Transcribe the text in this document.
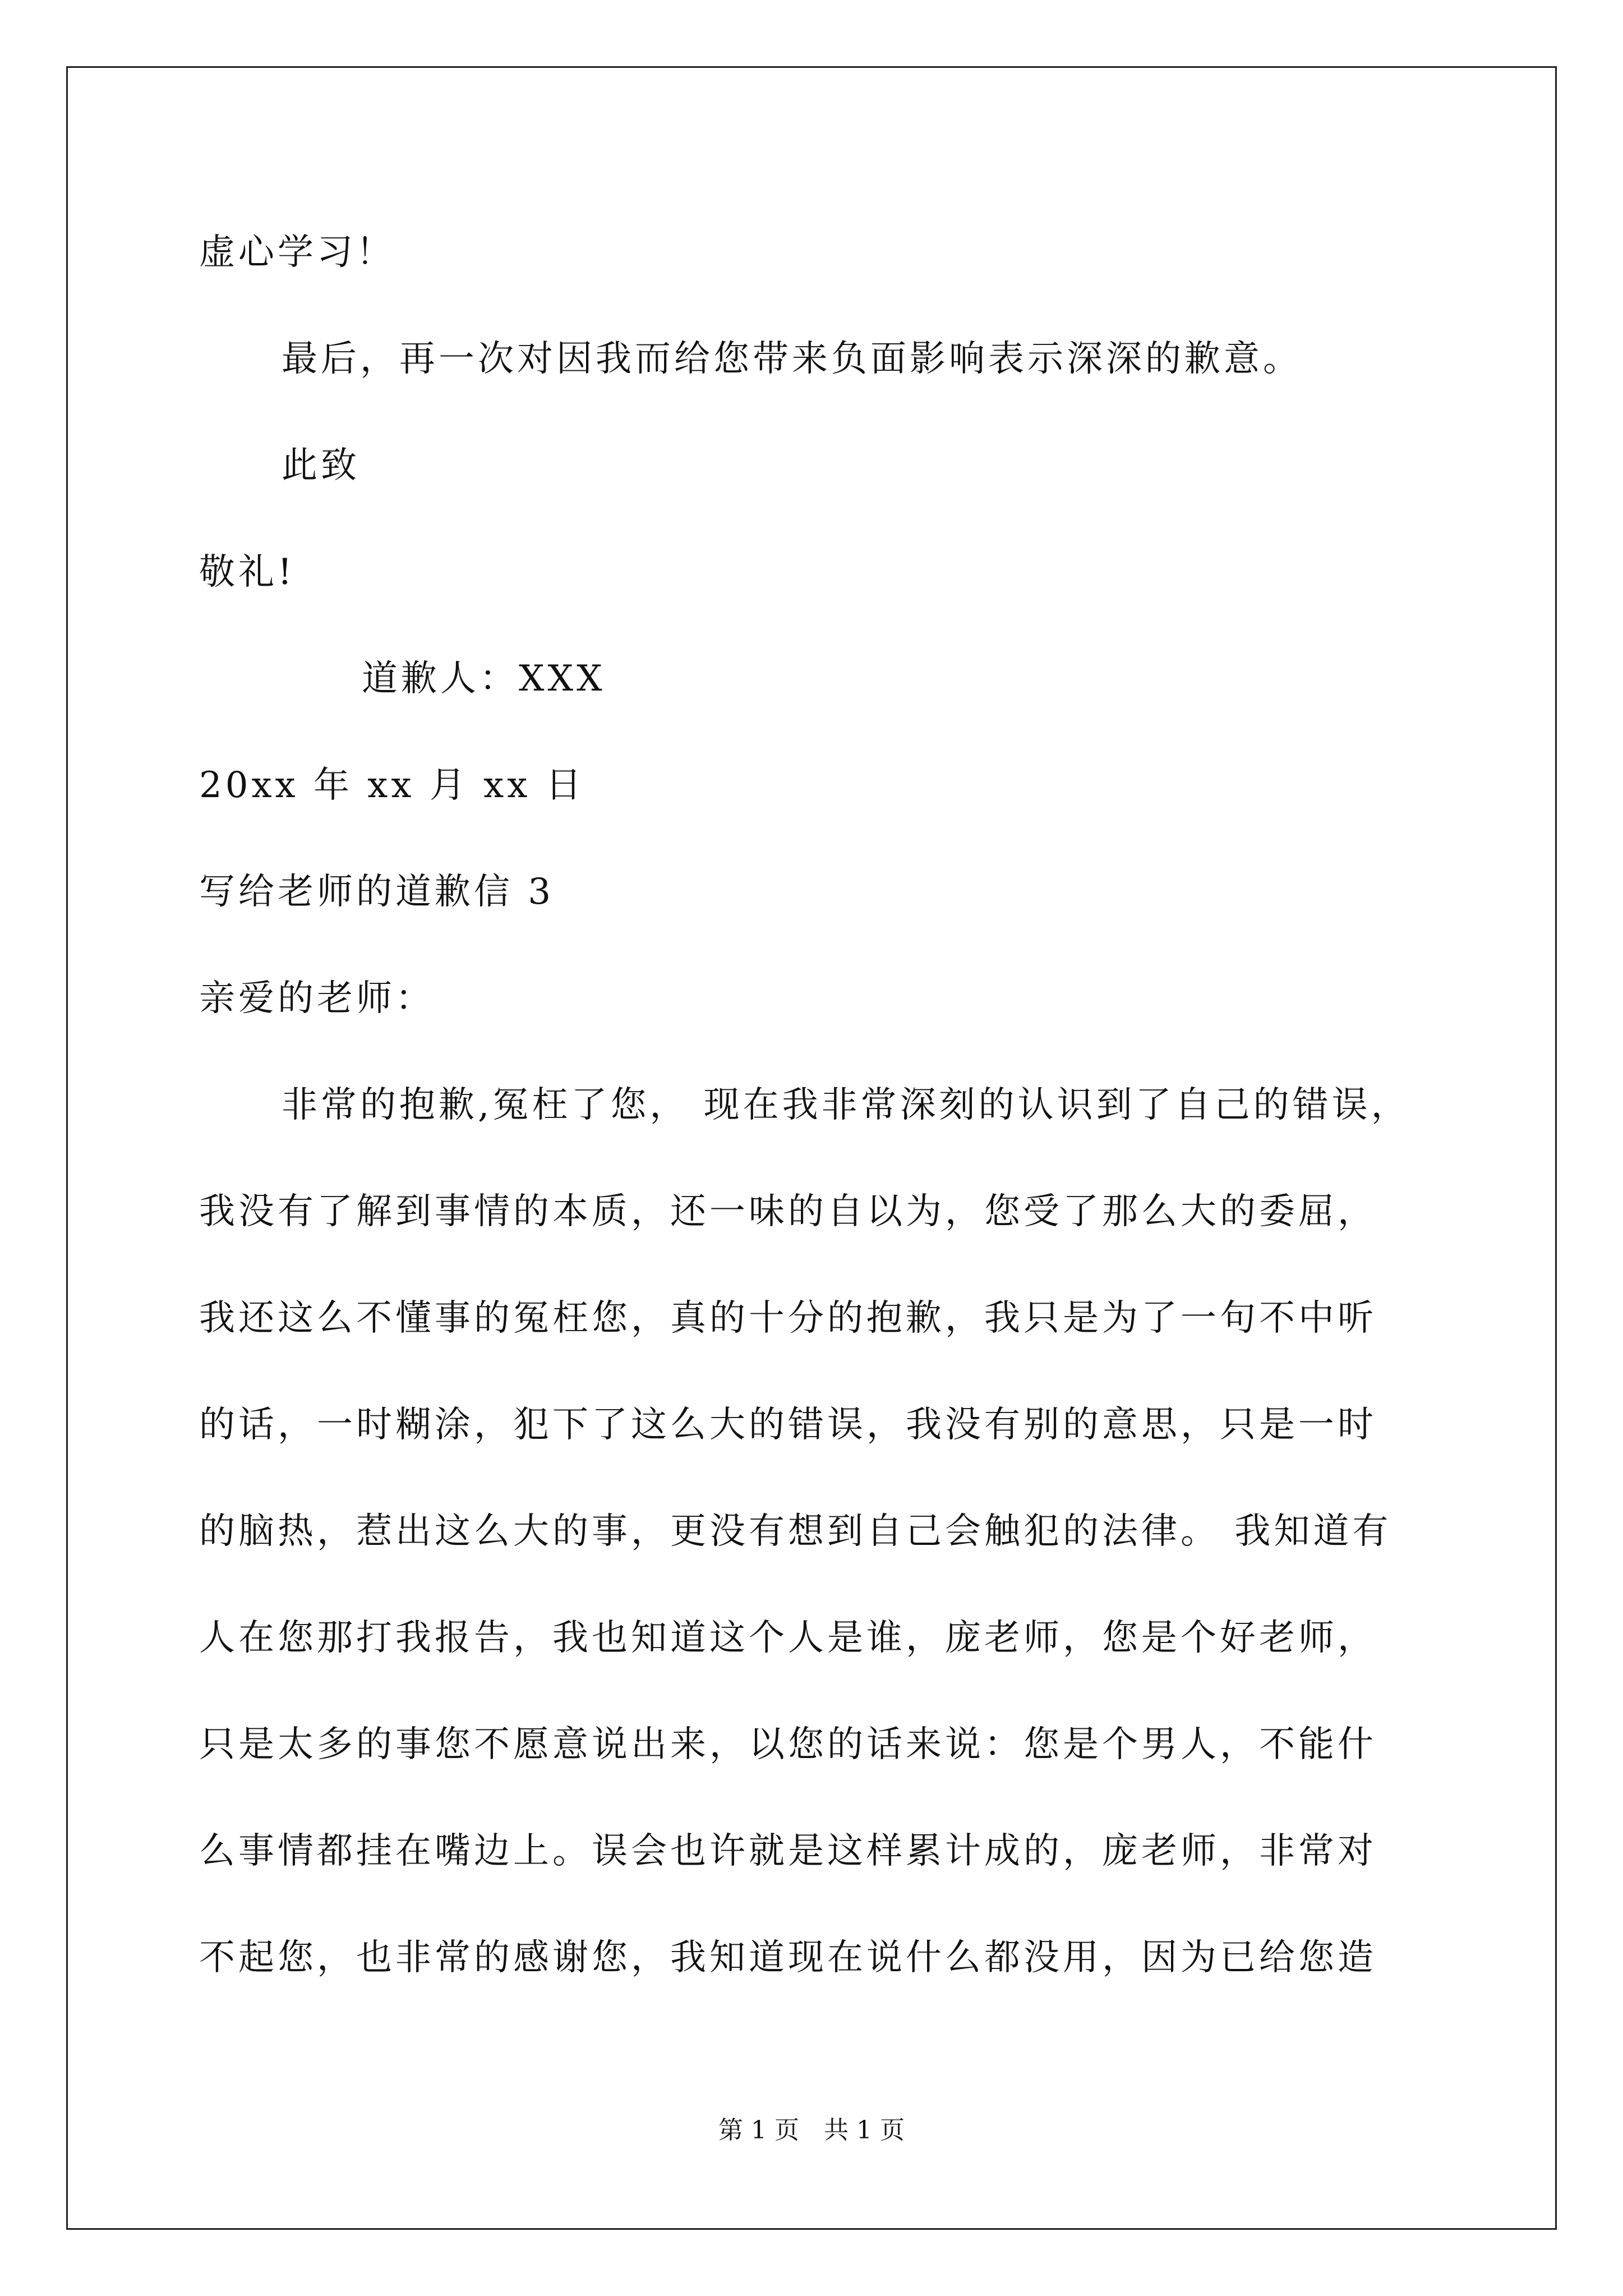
虚心学习！
最后，再一次对因我而给您带来负面影响表示深深的歉意。
此致
敬礼!
道歉人：XXX
20xx 年 xx 月 xx 日
写给老师的道歉信 3
亲爱的老师：
非常的抱歉,冤枉了您， 现在我非常深刻的认识到了自己的错误，
我没有了解到事情的本质，还一味的自以为，您受了那么大的委屈，
我还这么不懂事的冤枉您，真的十分的抱歉，我只是为了一句不中听
的话，一时糊涂，犯下了这么大的错误，我没有别的意思，只是一时
的脑热，惹出这么大的事，更没有想到自己会触犯的法律。 我知道有
人在您那打我报告，我也知道这个人是谁，庞老师，您是个好老师，
只是太多的事您不愿意说出来，以您的话来说：您是个男人，不能什
么事情都挂在嘴边上。误会也许就是这样累计成的，庞老师，非常对
不起您，也非常的感谢您，我知道现在说什么都没用，因为已给您造
第 1 页　共 1 页
